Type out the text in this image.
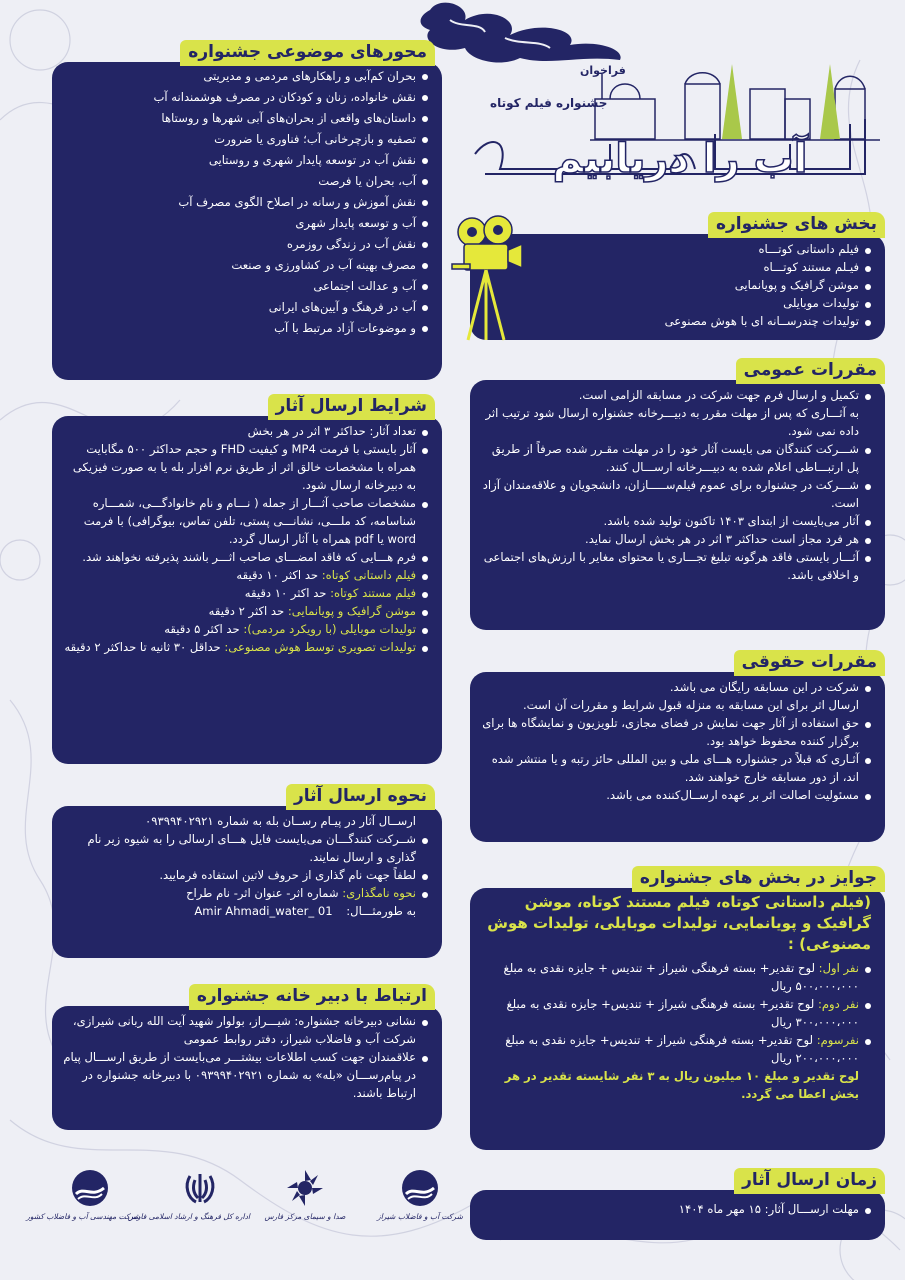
فراخوان
جشنواره فیلم کوتاه
آب را دریابیم
محورهای موضوعی جشنواره
بحران کم‌آبی و راهکارهای مردمی و مدیریتی
نقش خانواده، زنان و کودکان در مصرف هوشمندانه آب
داستان‌های واقعی از بحران‌های آبی شهرها و روستاها
تصفیه و بازچرخانی آب؛ فناوری یا ضرورت
نقش آب در توسعه پایدار شهری و روستایی
آب، بحران یا فرصت
نقش آموزش و رسانه در اصلاح الگوی مصرف آب
آب و توسعه پایدار شهری
نقش آب در زندگی روزمره
مصرف بهینه آب در کشاورزی و صنعت
آب و عدالت اجتماعی
آب در فرهنگ و آیین‌های ایرانی
و موضوعات آزاد مرتبط با آب
بخش های جشنواره
فیلم داستانی کوتـــاه
فیـلم مستند کوتـــاه
موشن گرافیک و پویانمایی
تولیدات موبایلی
تولیدات چندرســانه ای با هوش مصنوعی
مقررات عمومی
تکمیل و ارسال فرم جهت شرکت در مسابقه الزامی است.
به آثـــاری که پس از مهلت مقرر به دبیـــرخانه جشنواره ارسال شود ترتیب اثر داده نمی شود.
شـــرکت کنندگان می بایست آثار خود را در مهلت مقـرر شده صرفاً از طریق پل ارتبـــاطی اعلام شده به دبیـــرخانه ارســـال کنند.
شـــرکت در جشنواره برای عموم فیلم‌ســـــازان، دانشجویان و علاقه‌مندان آزاد است.
آثار می‌بایست از ابتدای ۱۴۰۳ تاکنون تولید شده باشد.
هر فرد مجاز است حداکثر ۳ اثر در هر بخش ارسال نماید.
آثـــار بایستی فاقد هرگونه تبلیغ تجـــاری یا محتوای مغایر با ارزش‌های اجتماعی و اخلاقی باشد.
مقررات حقوقی
شرکت در این مسابقه رایگان می باشد.
ارسال اثر برای این مسابقه به منزله قبول شرایط و مقررات آن است.
حق استفاده از آثار جهت نمایش در فضای مجازی، تلویزیون و نمایشگاه ها برای برگزار کننده محفوظ خواهد بود.
آثـاری که قبلاً در جشنواره هـــای ملی و بین المللی حائز رتبه و یا منتشر شده اند، از دور مسابقه خارج خواهند شد.
مسئولیت اصالت اثر بر عهده ارســال‌کننده می باشد.
جوایز در بخش های جشنواره
(فیلم داستانی کوتاه، فیلم مستند کوتاه، موشن گرافیک و پویانمایی، تولیدات موبایلی، تولیدات هوش مصنوعی) :
نفر اول: لوح تقدیر+ بسته فرهنگی شیراز + تندیس + جایزه نقدی به مبلغ ۵۰۰،۰۰۰،۰۰۰ ریال
نفر دوم: لوح تقدیر+ بسته فرهنگی شیراز + تندیس+ جایزه نقدی به مبلغ ۳۰۰،۰۰۰،۰۰۰ ریال
نفرسوم: لوح تقدیر+ بسته فرهنگی شیراز + تندیس+ جایزه نقدی به مبلغ ۲۰۰،۰۰۰،۰۰۰ ریال
لوح تقدیر و مبلغ ۱۰ میلیون ریال به ۳ نفر شایسته تقدیر در هر بخش اعطا می گردد.
زمان ارسال آثار
مهلت ارســـال آثار: ۱۵ مهر ماه ۱۴۰۴
شرایط ارسال آثار
تعداد آثار: حداکثر ۳ اثر در هر بخش
آثار بایستی با فرمت MP4 و کیفیت FHD و حجم حداکثر ۵۰۰ مگابایت همراه با مشخصات خالق اثر از طریق نرم افزار بله یا به صورت فیزیکی به دبیرخانه ارسال شود.
مشخصات صاحب آثـــار از جمله ( نـــام و نام خانوادگـــی، شمـــاره شناسامه، کد ملـــی، نشانـــی پستی، تلفن تماس، بیوگرافی) با فرمت word یا pdf همراه با آثار ارسال گردد.
فرم هـــایی که فاقد امضـــای صاحب اثـــر باشند پذیرفته نخواهند شد.
فیلم داستانی کوتاه: حد اکثر ۱۰ دقیقه
فیلم مستند کوتاه: حد اکثر ۱۰ دقیقه
موشن گرافیک و پویانمایی: حد اکثر ۲ دقیقه
تولیدات موبایلی (با رویکرد مردمی): حد اکثر ۵ دقیقه
تولیدات تصویری توسط هوش مصنوعی: حداقل ۳۰ ثانیه تا حداکثر ۲ دقیقه
نحوه ارسال آثار
ارســال آثار در پیـام رســان بله به شماره ۰۹۳۹۹۴۰۲۹۲۱
شــرکت کنندگـــان می‌بایست فایل هـــای ارسالی را به شیوه زیر نام گذاری و ارسال نمایند.
لطفاً جهت نام گذاری از حروف لاتین استفاده فرمایید.
نحوه نامگذاری: شماره اثر- عنوان اثر- نام طراح
به طورمثـــال: Amir Ahmadi_water_ 01
ارتباط با دبیر خانه جشنواره
نشانی دبیرخانه جشنواره: شیـــراز، بولوار شهید آیت الله ربانی شیرازی، شرکت آب و فاضلاب شیراز، دفتر روابط عمومی
علاقمندان جهت کسب اطلاعات بیشتـــر می‌بایست از طریق ارســـال پیام در پیام‌رســـان «بله» به شماره ۰۹۳۹۹۴۰۲۹۲۱ با دبیرخانه جشنواره در ارتباط باشند.
شرکت آب و فاضلاب شیراز
صدا و سیمای مرکز فارس
اداره کل فرهنگ و ارشاد اسلامی فارس
شرکت مهندسی آب و فاضلاب کشور
